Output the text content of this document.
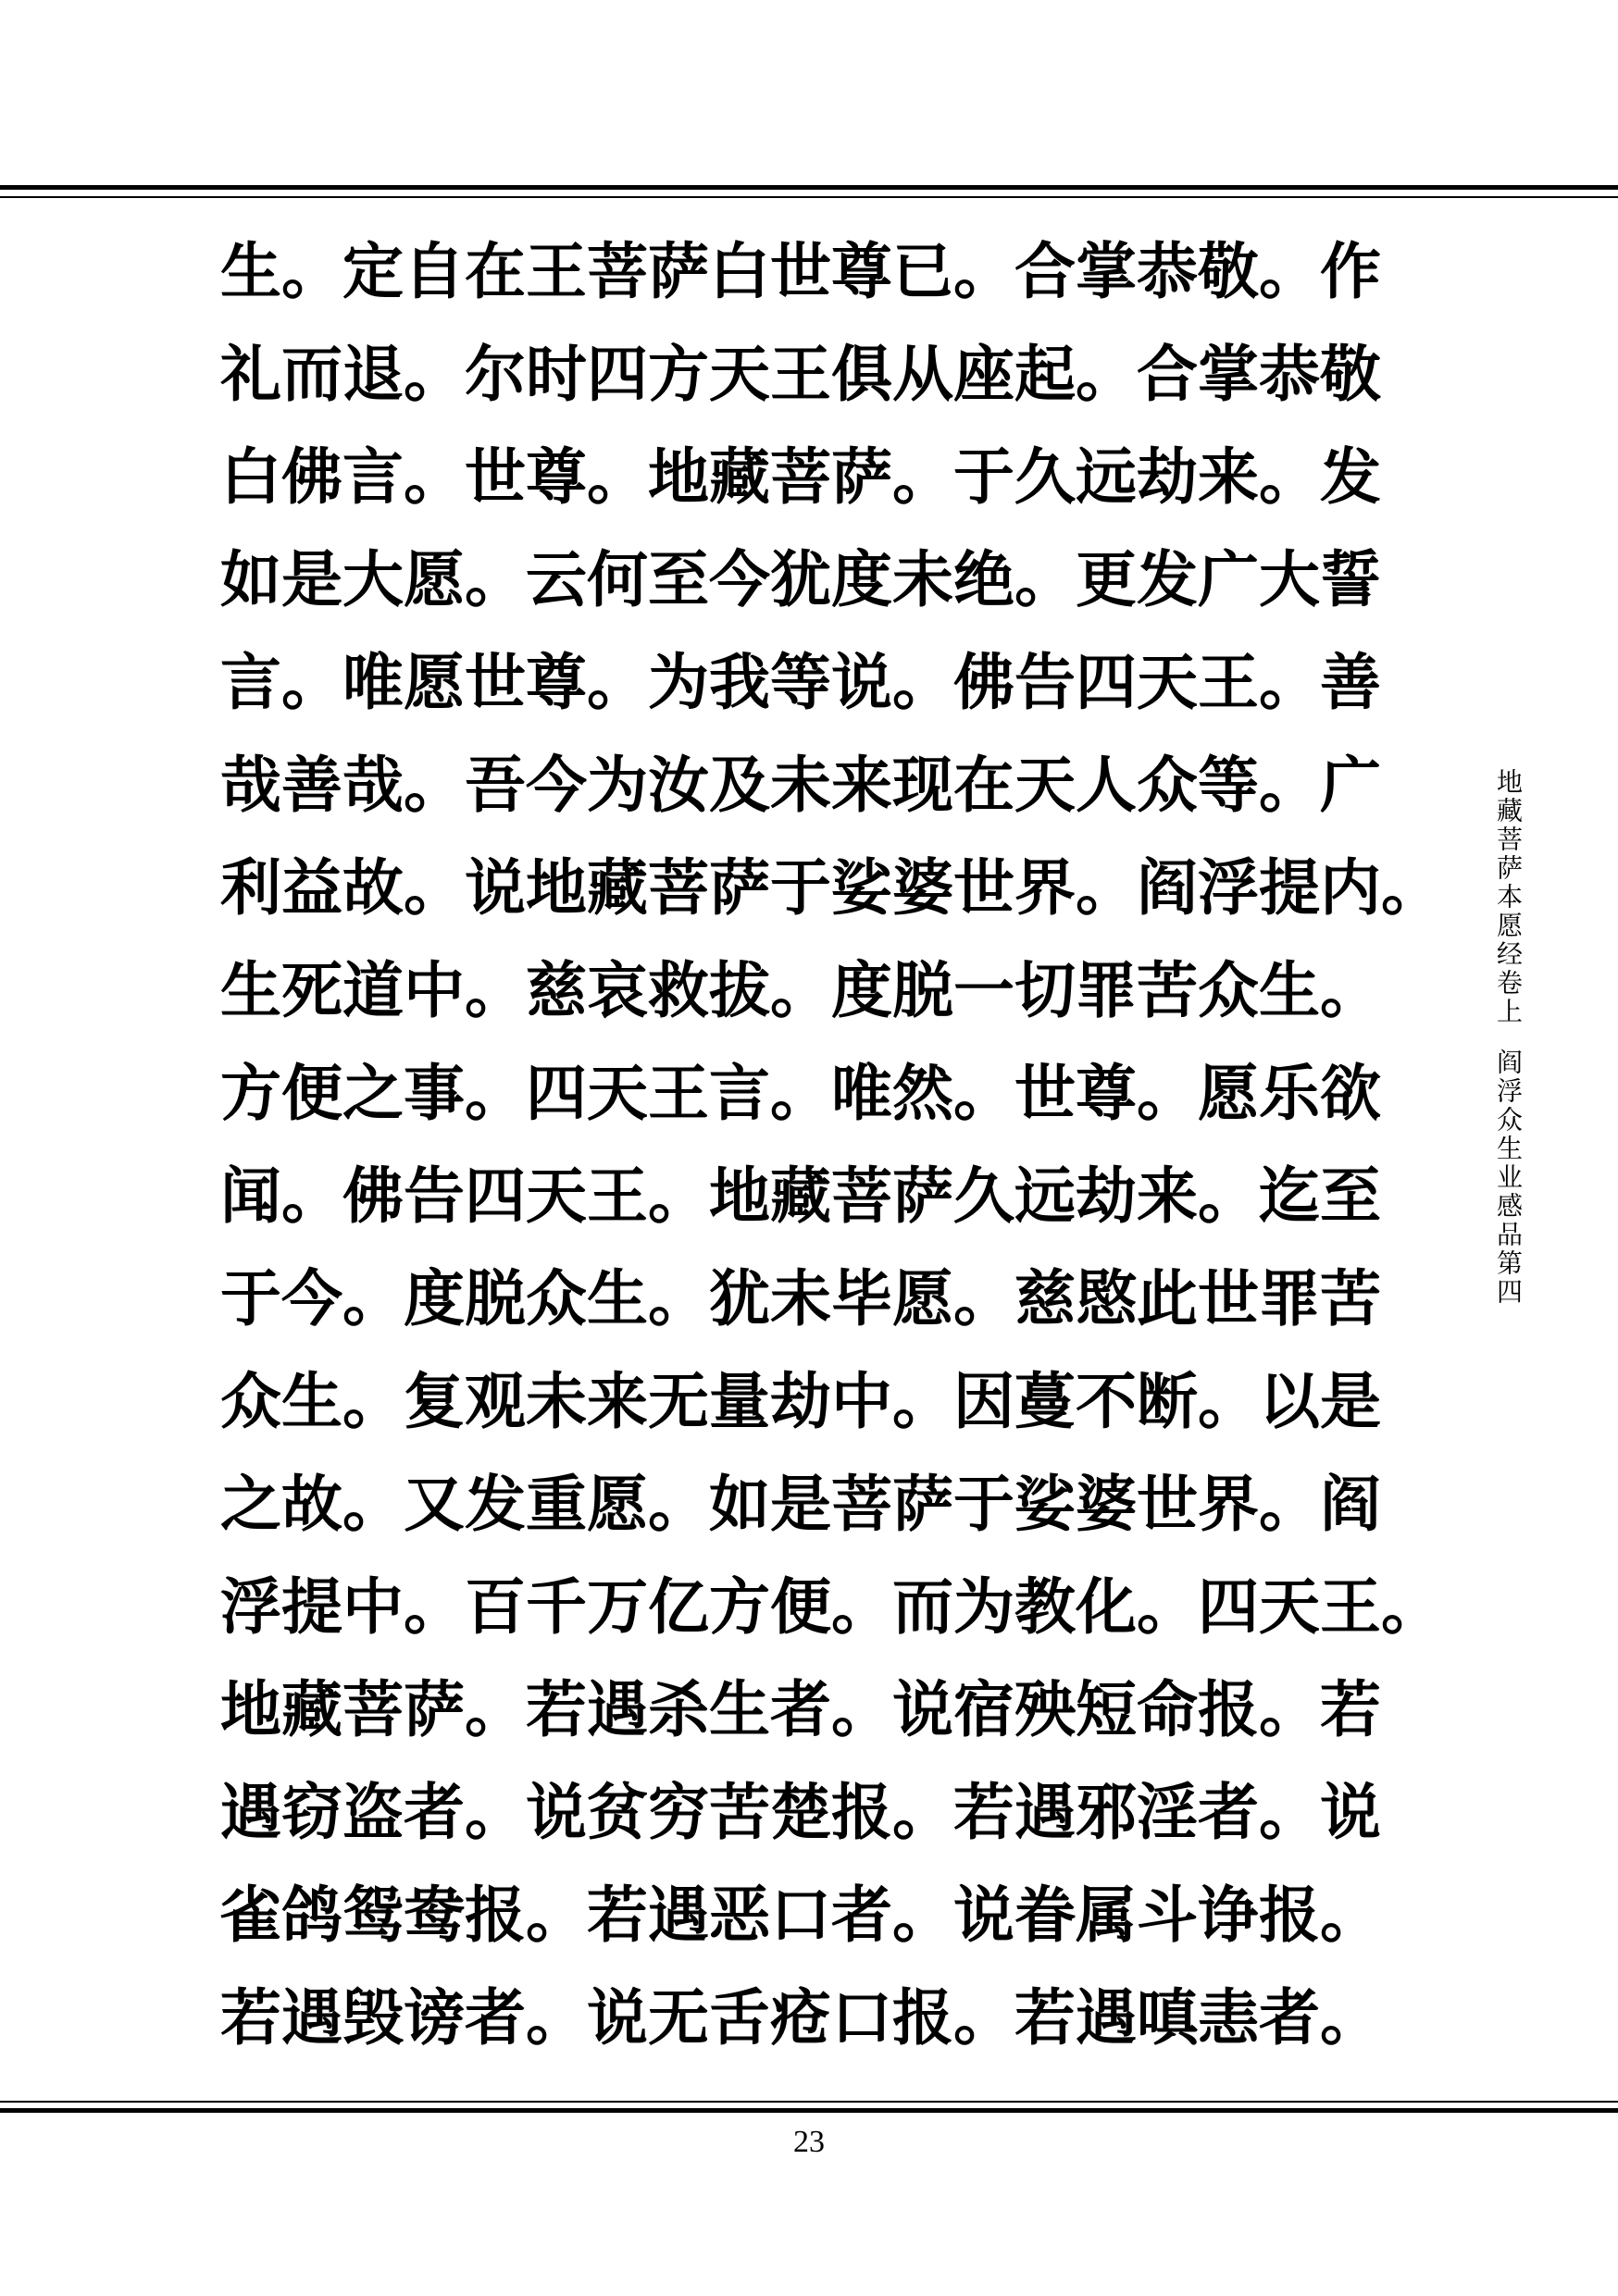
生。定自在王菩萨白世尊已。合掌恭敬。作
礼而退。尔时四方天王俱从座起。合掌恭敬
白佛言。世尊。地藏菩萨。于久远劫来。发
如是大愿。云何至今犹度未绝。更发广大誓
言。唯愿世尊。为我等说。佛告四天王。善
哉善哉。吾今为汝及未来现在天人众等。广
利益故。说地藏菩萨于娑婆世界。阎浮提内。
生死道中。慈哀救拔。度脱一切罪苦众生。
方便之事。四天王言。唯然。世尊。愿乐欲
闻。佛告四天王。地藏菩萨久远劫来。迄至
于今。度脱众生。犹未毕愿。慈愍此世罪苦
众生。复观未来无量劫中。因蔓不断。以是
之故。又发重愿。如是菩萨于娑婆世界。阎
浮提中。百千万亿方便。而为教化。四天王。
地藏菩萨。若遇杀生者。说宿殃短命报。若
遇窃盗者。说贫穷苦楚报。若遇邪淫者。说
雀鸽鸳鸯报。若遇恶口者。说眷属斗诤报。
若遇毁谤者。说无舌疮口报。若遇嗔恚者。
地藏菩萨本愿经卷上阎浮众生业感品第四
23
